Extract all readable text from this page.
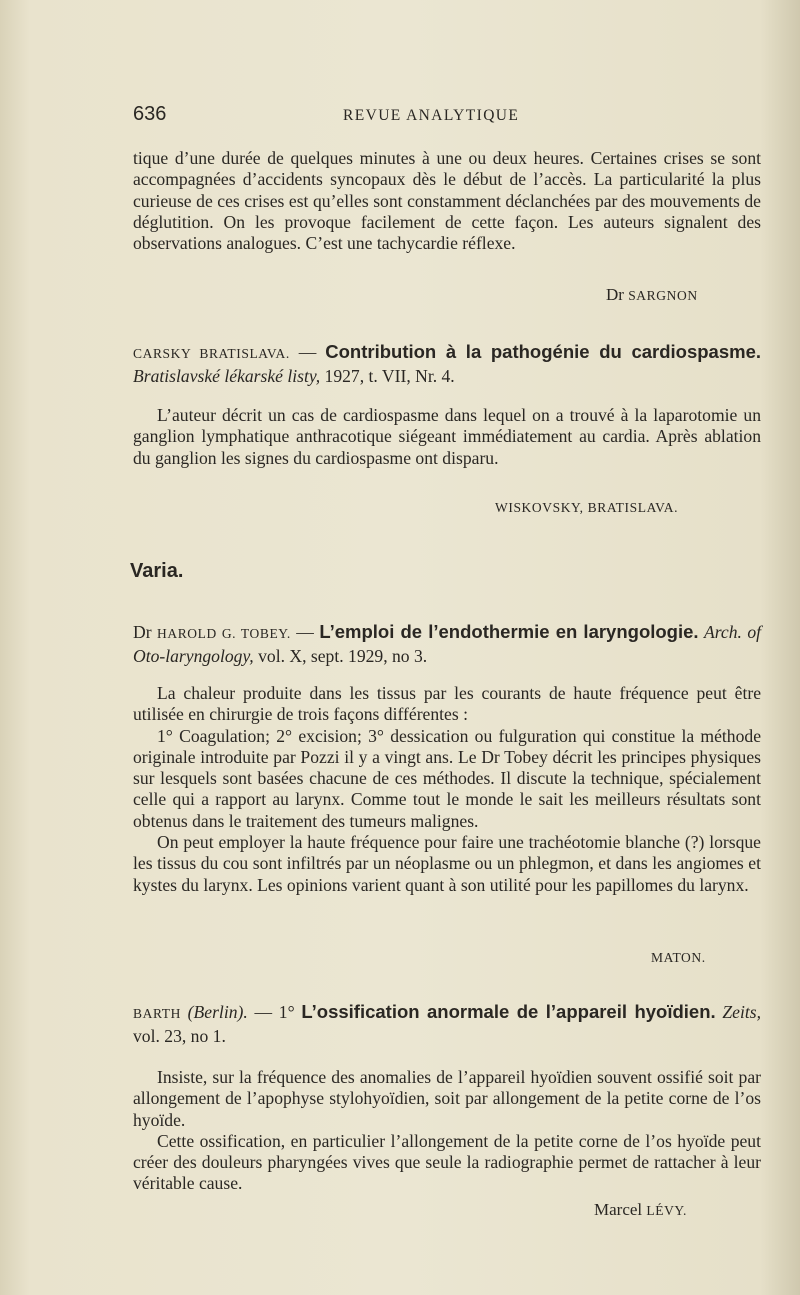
636	REVUE ANALYTIQUE

tique d’une durée de quelques minutes à une ou deux heures. Certaines crises se sont accompagnées d’accidents syncopaux dès le début de l’accès. La particularité la plus curieuse de ces crises est qu’elles sont constamment déclanchées par des mouvements de déglutition. On les provoque facilement de cette façon. Les auteurs signalent des observations analogues. C’est une tachycardie réflexe.

Dr SARGNON

CARSKY BRATISLAVA. — Contribution à la pathogénie du cardiospasme. Bratislavské lékarské listy, 1927, t. VII, Nr. 4.

L’auteur décrit un cas de cardiospasme dans lequel on a trouvé à la laparotomie un ganglion lymphatique anthracotique siégeant immédiatement au cardia. Après ablation du ganglion les signes du cardiospasme ont disparu.

WISKOVSKY, BRATISLAVA.
Varia.

Dr HAROLD G. TOBEY. — L’emploi de l’endothermie en laryngologie. Arch. of Oto-laryngology, vol. X, sept. 1929, no 3.

La chaleur produite dans les tissus par les courants de haute fréquence peut être utilisée en chirurgie de trois façons différentes :

1° Coagulation; 2° excision; 3° dessication ou fulguration qui constitue la méthode originale introduite par Pozzi il y a vingt ans. Le Dr Tobey décrit les principes physiques sur lesquels sont basées chacune de ces méthodes. Il discute la technique, spécialement celle qui a rapport au larynx. Comme tout le monde le sait les meilleurs résultats sont obtenus dans le traitement des tumeurs malignes.

On peut employer la haute fréquence pour faire une trachéotomie blanche (?) lorsque les tissus du cou sont infiltrés par un néoplasme ou un phlegmon, et dans les angiomes et kystes du larynx. Les opinions varient quant à son utilité pour les papillomes du larynx.

MATON.

BARTH (Berlin). — 1° L’ossification anormale de l’appareil hyoïdien. Zeits, vol. 23, no 1.

Insiste, sur la fréquence des anomalies de l’appareil hyoïdien souvent ossifié soit par allongement de l’apophyse stylohyoïdien, soit par allongement de la petite corne de l’os hyoïde.

Cette ossification, en particulier l’allongement de la petite corne de l’os hyoïde peut créer des douleurs pharyngées vives que seule la radiographie permet de rattacher à leur véritable cause.

Marcel LÉVY.
